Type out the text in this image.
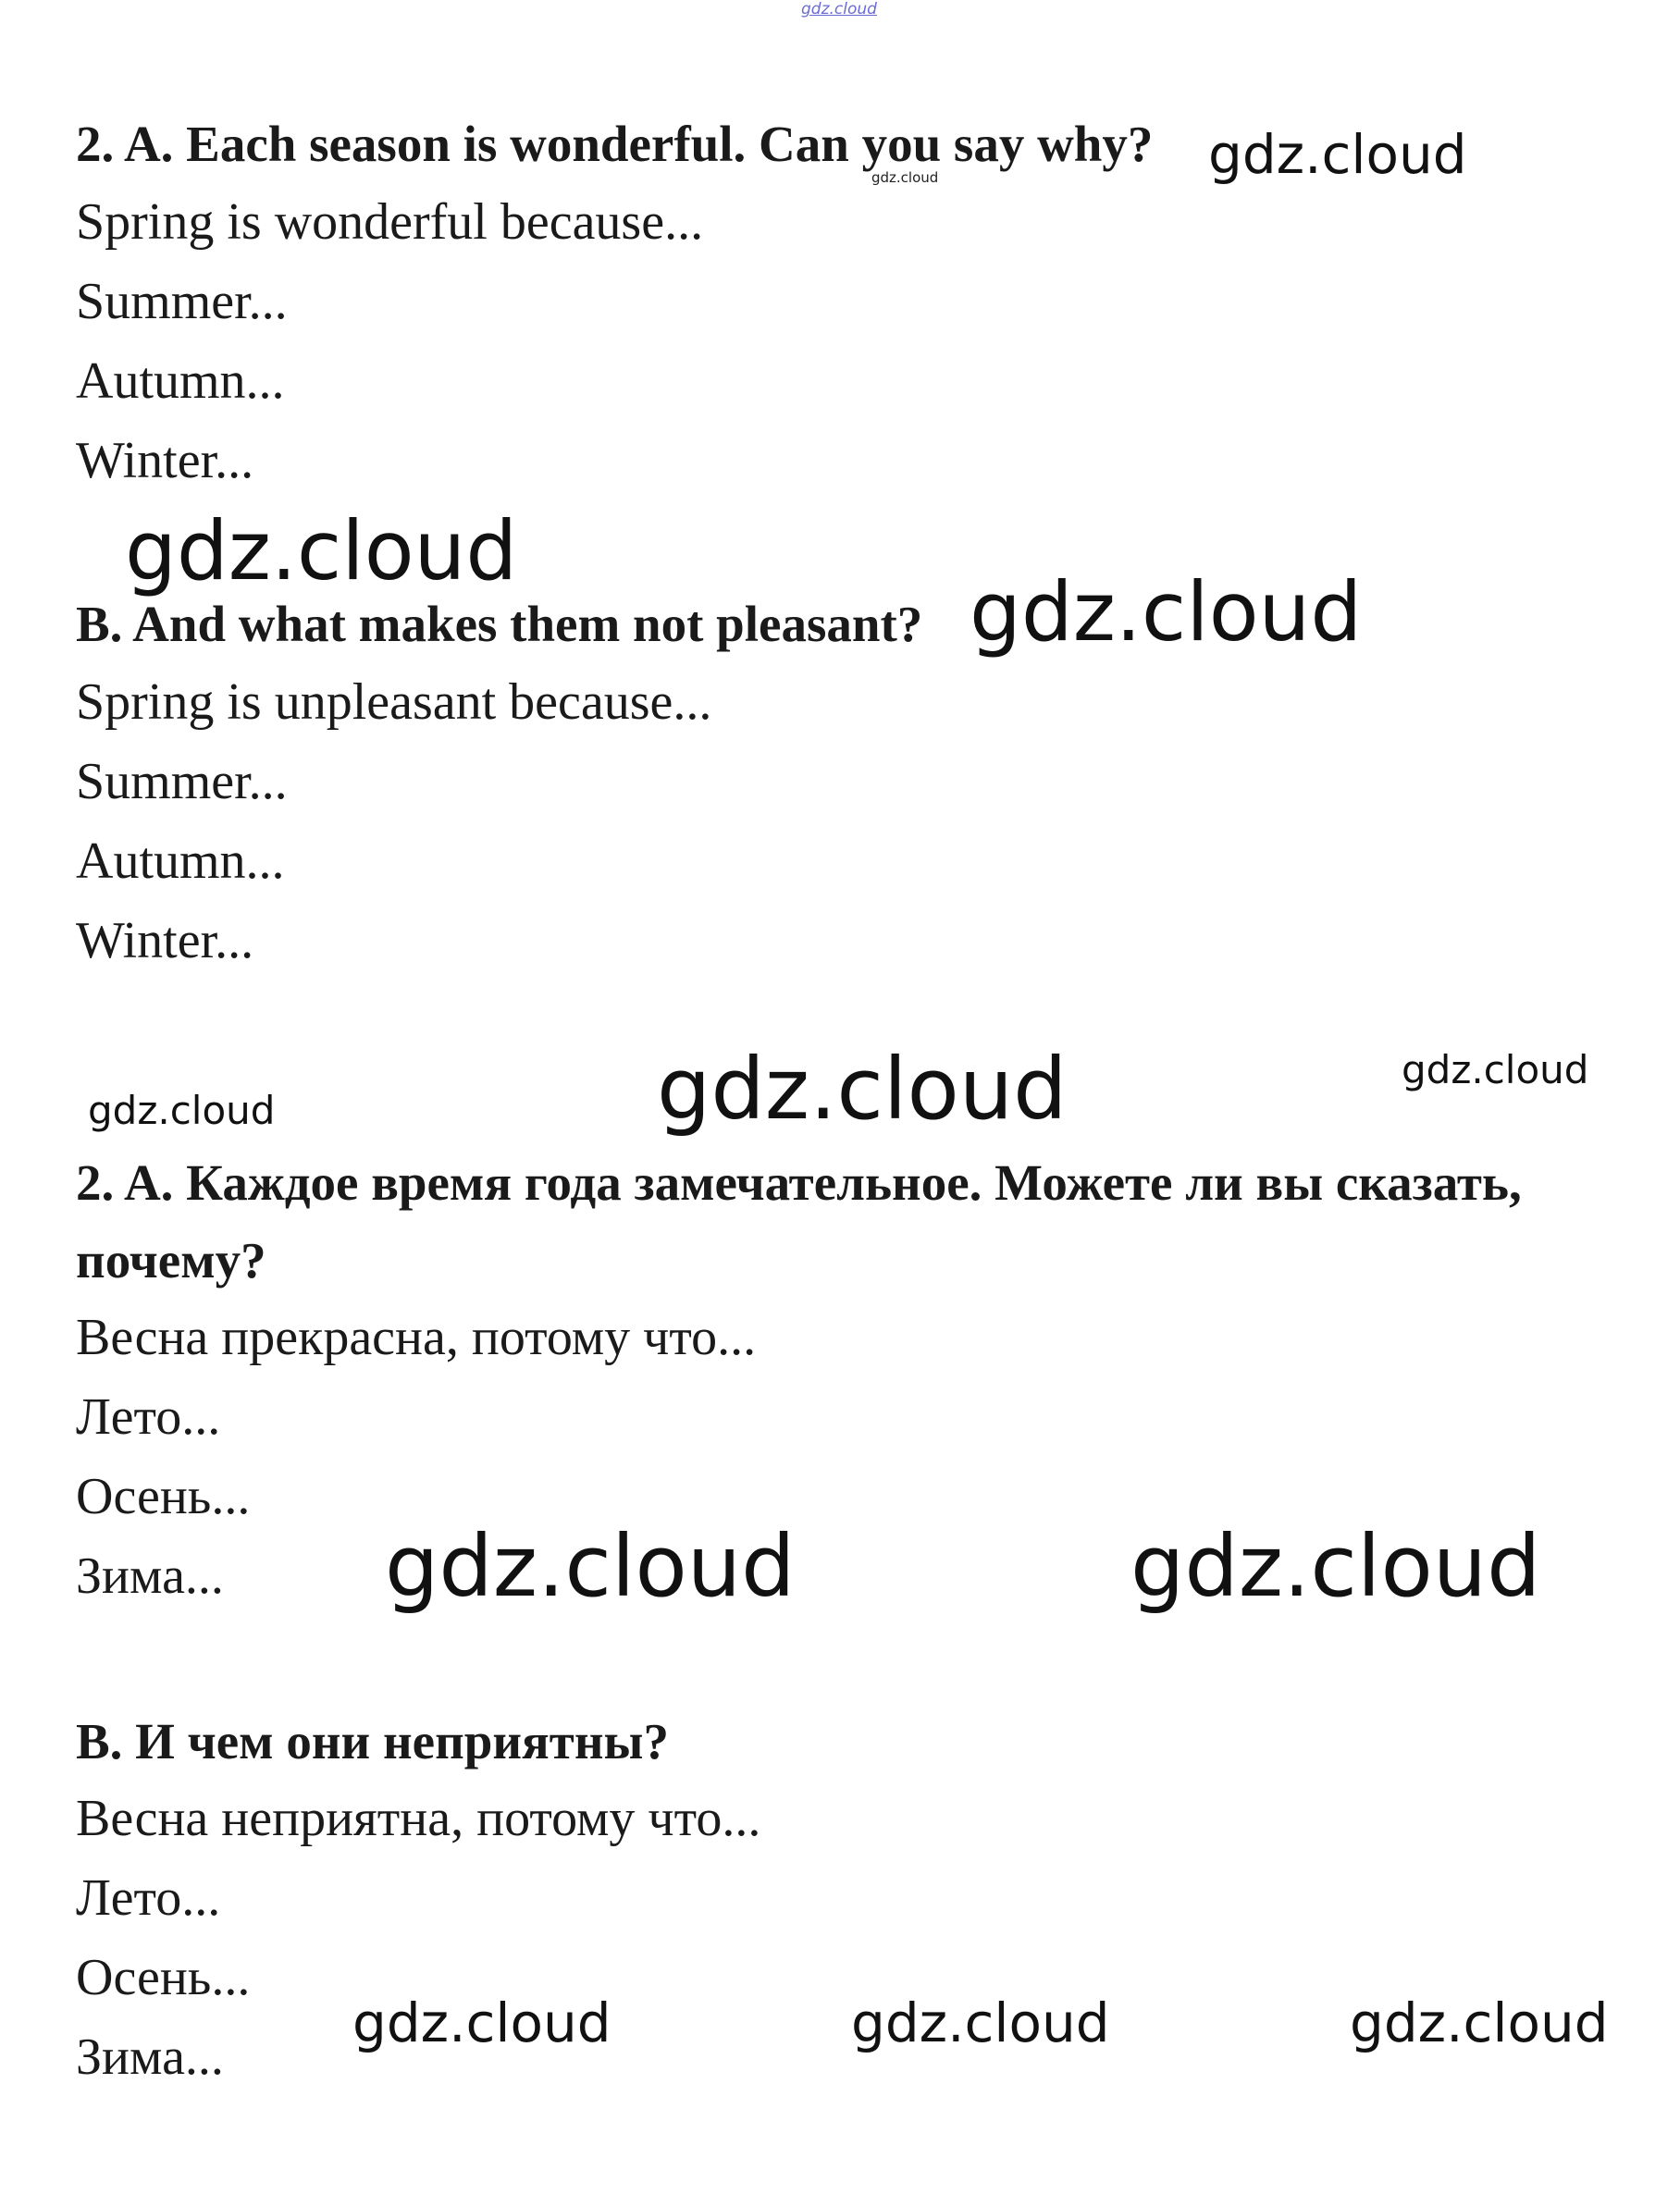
gdz.cloud
gdz.cloud	gdz.cloud
gdz.cloud
gdz.cloud
gdz.cloud	gdz.cloud
gdz.cloud
gdz.cloud	gdz.cloud
gdz.cloud	gdz.cloud	gdz.cloud
2. A. Each season is wonderful. Can you say why?
Spring is wonderful because...
Summer...
Autumn...
Winter...
B. And what makes them not pleasant?
Spring is unpleasant because...
Summer...
Autumn...
Winter...
2. A. Каждое время года замечательное. Можете ли вы сказать,
почему?
Весна прекрасна, потому что...
Лето...
Осень...
Зима...
B. И чем они неприятны?
Весна неприятна, потому что...
Лето...
Осень...
Зима...
